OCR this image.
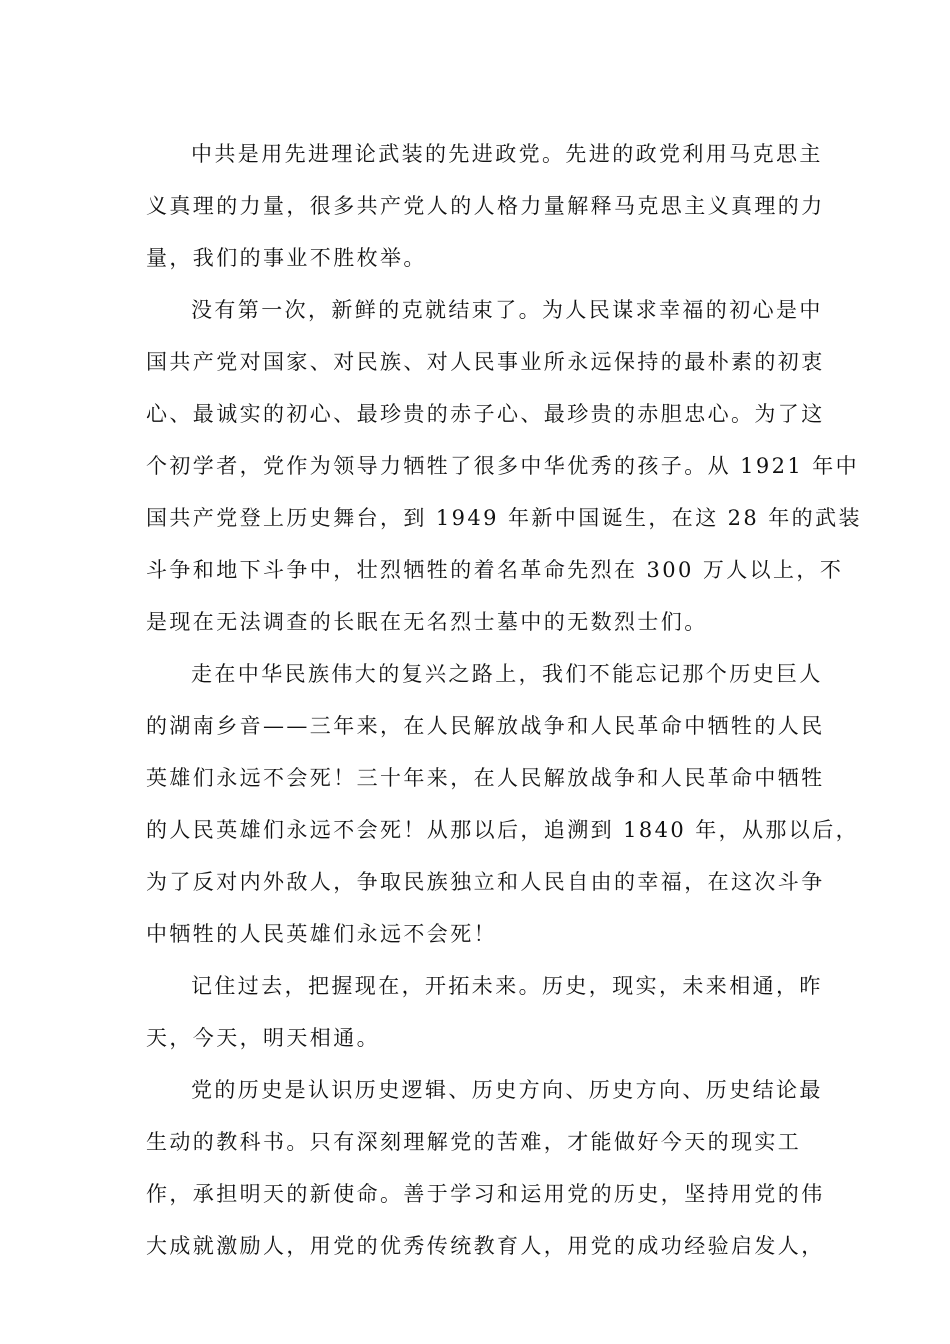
中共是用先进理论武装的先进政党。先进的政党利用马克思主
义真理的力量，很多共产党人的人格力量解释马克思主义真理的力
量，我们的事业不胜枚举。
没有第一次，新鲜的克就结束了。为人民谋求幸福的初心是中
国共产党对国家、对民族、对人民事业所永远保持的最朴素的初衷
心、最诚实的初心、最珍贵的赤子心、最珍贵的赤胆忠心。为了这
个初学者，党作为领导力牺牲了很多中华优秀的孩子。从 1921 年中
国共产党登上历史舞台，到 1949 年新中国诞生，在这 28 年的武装
斗争和地下斗争中，壮烈牺牲的着名革命先烈在 300 万人以上，不
是现在无法调查的长眠在无名烈士墓中的无数烈士们。
走在中华民族伟大的复兴之路上，我们不能忘记那个历史巨人
的湖南乡音——三年来，在人民解放战争和人民革命中牺牲的人民
英雄们永远不会死！三十年来，在人民解放战争和人民革命中牺牲
的人民英雄们永远不会死！从那以后，追溯到 1840 年，从那以后，
为了反对内外敌人，争取民族独立和人民自由的幸福，在这次斗争
中牺牲的人民英雄们永远不会死！
记住过去，把握现在，开拓未来。历史，现实，未来相通，昨
天，今天，明天相通。
党的历史是认识历史逻辑、历史方向、历史方向、历史结论最
生动的教科书。只有深刻理解党的苦难，才能做好今天的现实工
作，承担明天的新使命。善于学习和运用党的历史，坚持用党的伟
大成就激励人，用党的优秀传统教育人，用党的成功经验启发人，
